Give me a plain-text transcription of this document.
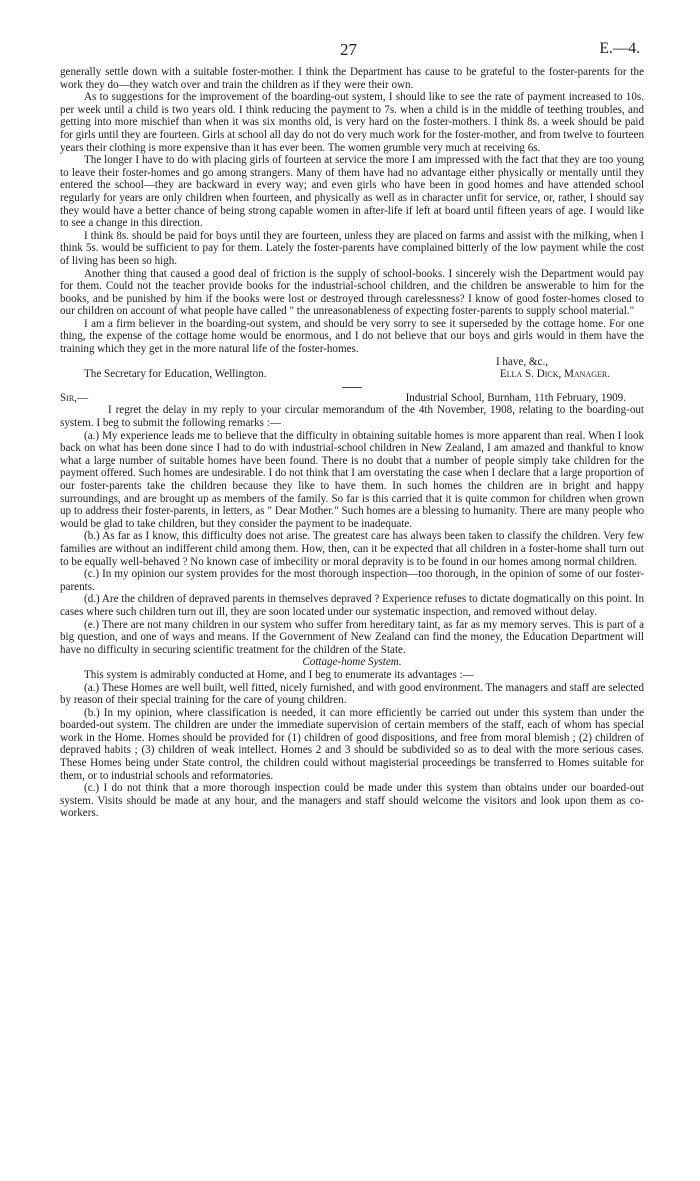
27	E.—4.

generally settle down with a suitable foster-mother. I think the Department has cause to be grateful to the foster-parents for the work they do—they watch over and train the children as if they were their own.

As to suggestions for the improvement of the boarding-out system, I should like to see the rate of payment increased to 10s. per week until a child is two years old. I think reducing the payment to 7s. when a child is in the middle of teething troubles, and getting into more mischief than when it was six months old, is very hard on the foster-mothers. I think 8s. a week should be paid for girls until they are fourteen. Girls at school all day do not do very much work for the foster-mother, and from twelve to fourteen years their clothing is more expensive than it has ever been. The women grumble very much at receiving 6s.

The longer I have to do with placing girls of fourteen at service the more I am impressed with the fact that they are too young to leave their foster-homes and go among strangers. Many of them have had no advantage either physically or mentally until they entered the school—they are backward in every way; and even girls who have been in good homes and have attended school regularly for years are only children when fourteen, and physically as well as in character unfit for service, or, rather, I should say they would have a better chance of being strong capable women in after-life if left at board until fifteen years of age. I would like to see a change in this direction.

I think 8s. should be paid for boys until they are fourteen, unless they are placed on farms and assist with the milking, when I think 5s. would be sufficient to pay for them. Lately the foster-parents have complained bitterly of the low payment while the cost of living has been so high.

Another thing that caused a good deal of friction is the supply of school-books. I sincerely wish the Department would pay for them. Could not the teacher provide books for the industrial-school children, and the children be answerable to him for the books, and be punished by him if the books were lost or destroyed through carelessness? I know of good foster-homes closed to our children on account of what people have called " the unreasonableness of expecting foster-parents to supply school material."

I am a firm believer in the boarding-out system, and should be very sorry to see it superseded by the cottage home. For one thing, the expense of the cottage home would be enormous, and I do not believe that our boys and girls would in them have the training which they get in the more natural life of the foster-homes.

I have, &c.,

The Secretary for Education, Wellington.	Ella S. Dick, Manager.
Sir,—	Industrial School, Burnham, 11th February, 1909.

I regret the delay in my reply to your circular memorandum of the 4th November, 1908, relating to the boarding-out system. I beg to submit the following remarks :—

(a.) My experience leads me to believe that the difficulty in obtaining suitable homes is more apparent than real. When I look back on what has been done since I had to do with industrial-school children in New Zealand, I am amazed and thankful to know what a large number of suitable homes have been found. There is no doubt that a number of people simply take children for the payment offered. Such homes are undesirable. I do not think that I am overstating the case when I declare that a large proportion of our foster-parents take the children because they like to have them. In such homes the children are in bright and happy surroundings, and are brought up as members of the family. So far is this carried that it is quite common for children when grown up to address their foster-parents, in letters, as " Dear Mother." Such homes are a blessing to humanity. There are many people who would be glad to take children, but they consider the payment to be inadequate.

(b.) As far as I know, this difficulty does not arise. The greatest care has always been taken to classify the children. Very few families are without an indifferent child among them. How, then, can it be expected that all children in a foster-home shall turn out to be equally well-behaved ? No known case of imbecility or moral depravity is to be found in our homes among normal children.

(c.) In my opinion our system provides for the most thorough inspection—too thorough, in the opinion of some of our foster-parents.

(d.) Are the children of depraved parents in themselves depraved ? Experience refuses to dictate dogmatically on this point. In cases where such children turn out ill, they are soon located under our systematic inspection, and removed without delay.

(e.) There are not many children in our system who suffer from hereditary taint, as far as my memory serves. This is part of a big question, and one of ways and means. If the Government of New Zealand can find the money, the Education Department will have no difficulty in securing scientific treatment for the children of the State.

Cottage-home System.

This system is admirably conducted at Home, and I beg to enumerate its advantages :—

(a.) These Homes are well built, well fitted, nicely furnished, and with good environment. The managers and staff are selected by reason of their special training for the care of young children.

(b.) In my opinion, where classification is needed, it can more efficiently be carried out under this system than under the boarded-out system. The children are under the immediate supervision of certain members of the staff, each of whom has special work in the Home. Homes should be provided for (1) children of good dispositions, and free from moral blemish ; (2) children of depraved habits ; (3) children of weak intellect. Homes 2 and 3 should be subdivided so as to deal with the more serious cases. These Homes being under State control, the children could without magisterial proceedings be transferred to Homes suitable for them, or to industrial schools and reformatories.

(c.) I do not think that a more thorough inspection could be made under this system than obtains under our boarded-out system. Visits should be made at any hour, and the managers and staff should welcome the visitors and look upon them as co-workers.
